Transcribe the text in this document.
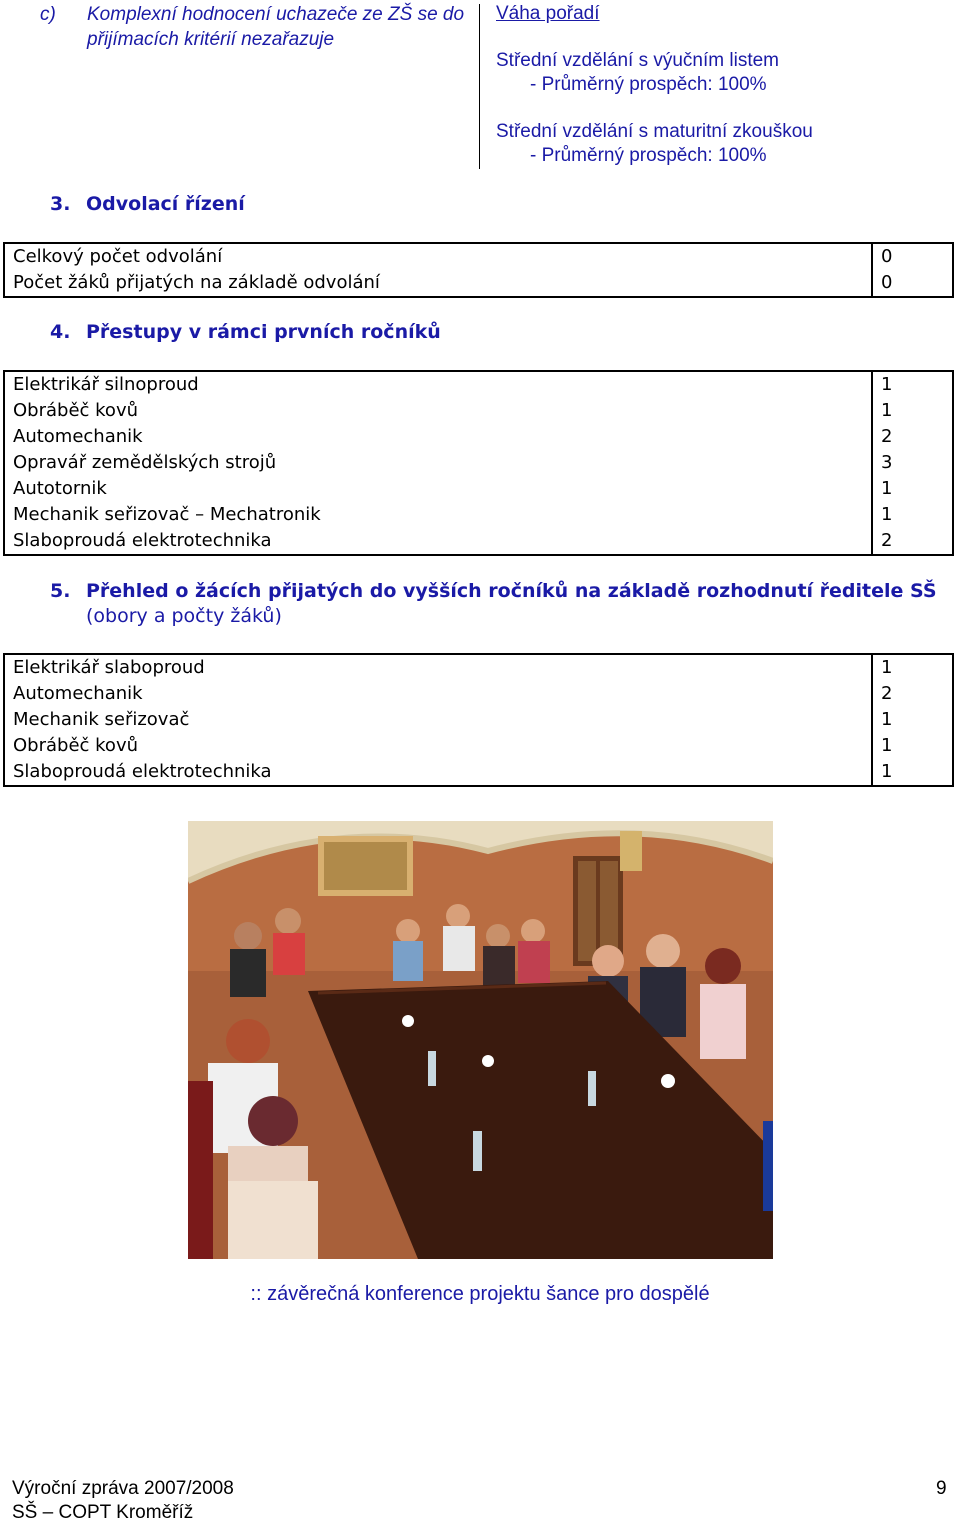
c) Komplexní hodnocení uchazeče ze ZŠ se do přijímacích kritérií nezařazuje
Váha pořadí
Střední vzdělání s výučním listem
- Průměrný prospěch: 100%
Střední vzdělání s maturitní zkouškou
- Průměrný prospěch: 100%
3. Odvolací řízení
Celkový počet odvolání	0
Počet žáků přijatých na základě odvolání	0
4. Přestupy v rámci prvních ročníků
Elektrikář silnoproud	1
Obráběč kovů	1
Automechanik	2
Opravář zemědělských strojů	3
Autotornik	1
Mechanik seřizovač – Mechatronik	1
Slaboproudá elektrotechnika	2
5. Přehled o žácích přijatých do vyšších ročníků na základě rozhodnutí ředitele SŠ
(obory a počty žáků)
Elektrikář slaboproud	1
Automechanik	2
Mechanik seřizovač	1
Obráběč kovů	1
Slaboproudá elektrotechnika	1
:: závěrečná konference projektu šance pro dospělé
Výroční zpráva 2007/2008
SŠ – COPT Kroměříž
9
